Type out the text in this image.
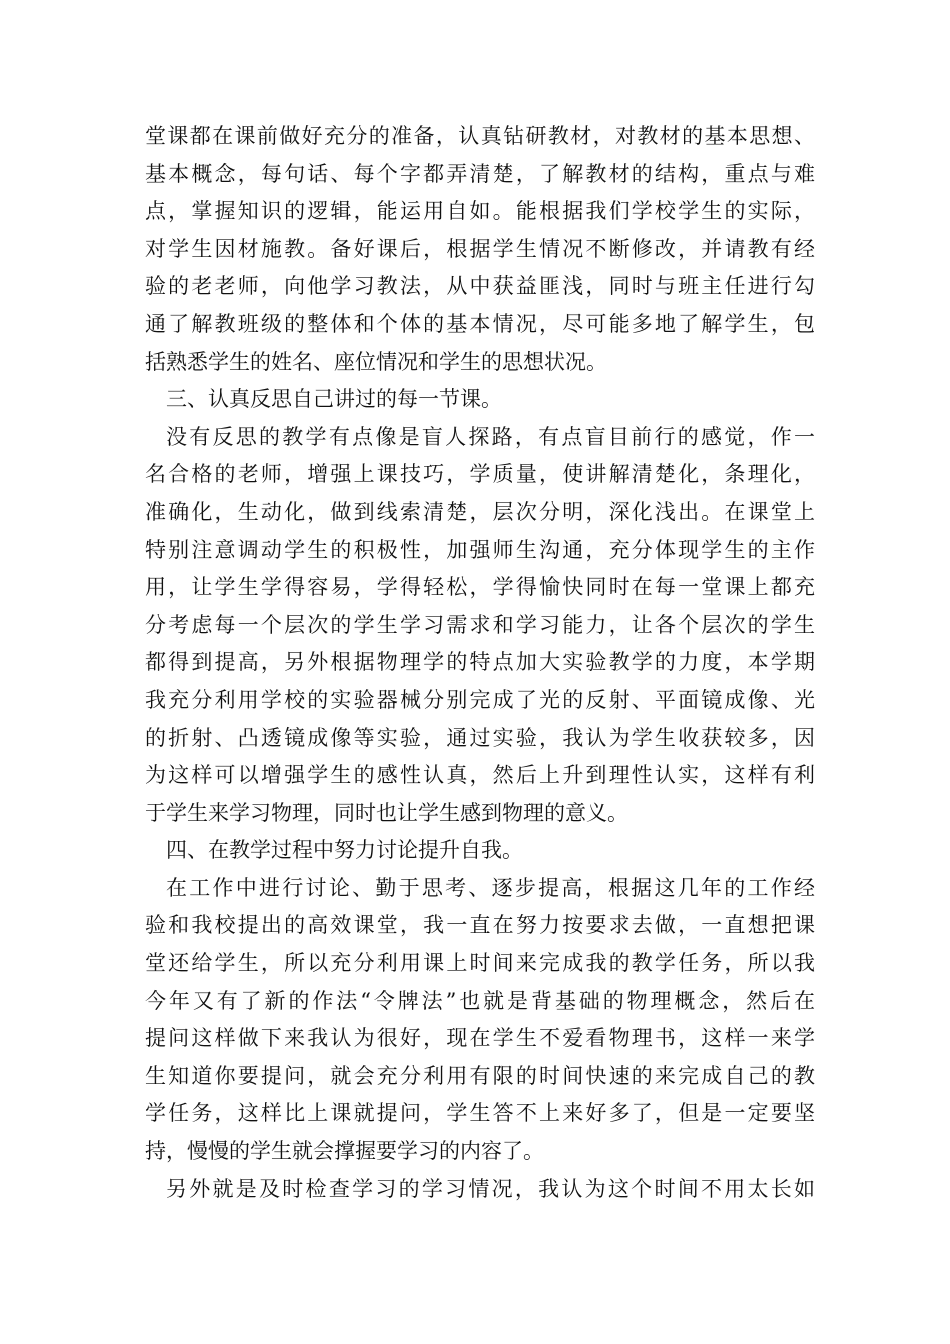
堂课都在课前做好充分的准备，认真钻研教材，对教材的基本思想、
基本概念，每句话、每个字都弄清楚，了解教材的结构，重点与难
点，掌握知识的逻辑，能运用自如。能根据我们学校学生的实际，
对学生因材施教。备好课后，根据学生情况不断修改，并请教有经
验的老老师，向他学习教法，从中获益匪浅，同时与班主任进行勾
通了解教班级的整体和个体的基本情况，尽可能多地了解学生，包
括熟悉学生的姓名、座位情况和学生的思想状况。
三、认真反思自己讲过的每一节课。
没有反思的教学有点像是盲人探路，有点盲目前行的感觉，作一
名合格的老师，增强上课技巧，学质量，使讲解清楚化，条理化，
准确化，生动化，做到线索清楚，层次分明，深化浅出。在课堂上
特别注意调动学生的积极性，加强师生沟通，充分体现学生的主作
用，让学生学得容易，学得轻松，学得愉快同时在每一堂课上都充
分考虑每一个层次的学生学习需求和学习能力，让各个层次的学生
都得到提高，另外根据物理学的特点加大实验教学的力度，本学期
我充分利用学校的实验器械分别完成了光的反射、平面镜成像、光
的折射、凸透镜成像等实验，通过实验，我认为学生收获较多，因
为这样可以增强学生的感性认真，然后上升到理性认实，这样有利
于学生来学习物理，同时也让学生感到物理的意义。
四、在教学过程中努力讨论提升自我。
在工作中进行讨论、勤于思考、逐步提高，根据这几年的工作经
验和我校提出的高效课堂，我一直在努力按要求去做，一直想把课
堂还给学生，所以充分利用课上时间来完成我的教学任务，所以我
今年又有了新的作法“令牌法”也就是背基础的物理概念，然后在
提问这样做下来我认为很好，现在学生不爱看物理书，这样一来学
生知道你要提问，就会充分利用有限的时间快速的来完成自己的教
学任务，这样比上课就提问，学生答不上来好多了，但是一定要坚
持，慢慢的学生就会撑握要学习的内容了。
另外就是及时检查学习的学习情况，我认为这个时间不用太长如
